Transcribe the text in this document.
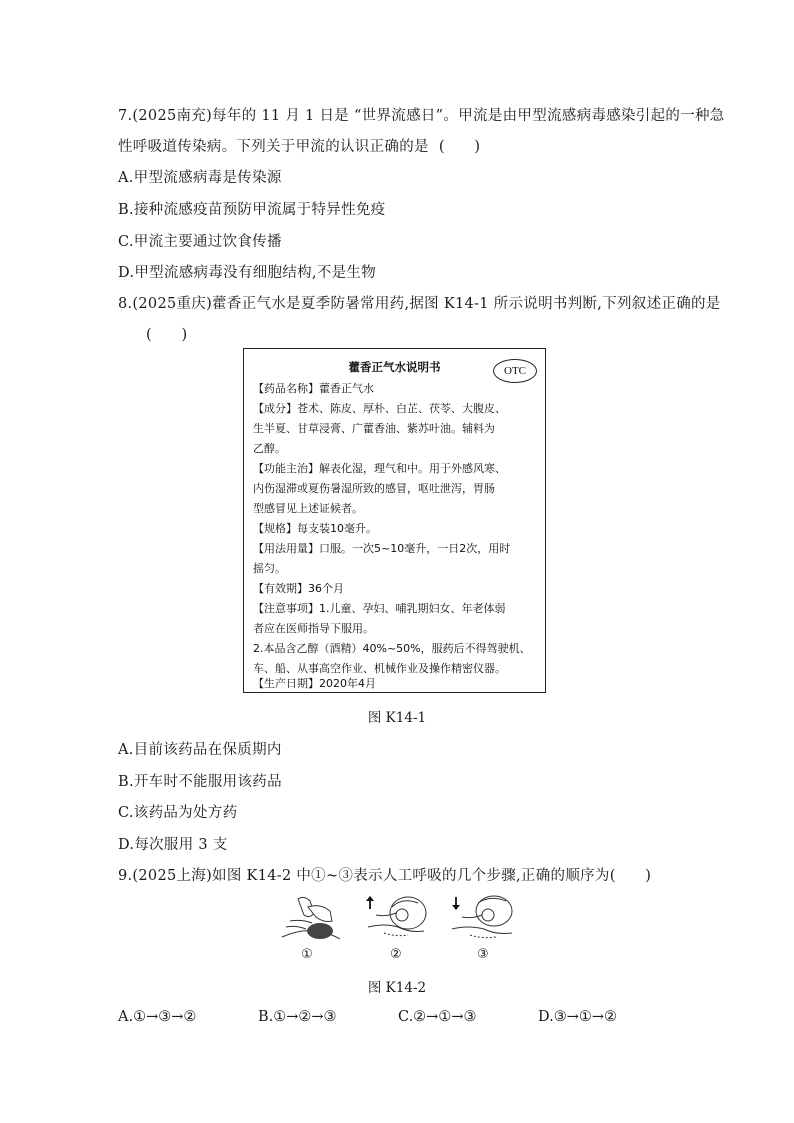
7.(2025南充)每年的 11 月 1 日是 “世界流感日”。甲流是由甲型流感病毒感染引起的一种急
性呼吸道传染病。下列关于甲流的认识正确的是 (　　)
A.甲型流感病毒是传染源
B.接种流感疫苗预防甲流属于特异性免疫
C.甲流主要通过饮食传播
D.甲型流感病毒没有细胞结构,不是生物
8.(2025重庆)藿香正气水是夏季防暑常用药,据图 K14-1 所示说明书判断,下列叙述正确的是
(　　)
藿香正气水说明书	OTC
【药品名称】藿香正气水
【成分】苍术、陈皮、厚朴、白芷、茯苓、大腹皮、
生半夏、甘草浸膏、广藿香油、紫苏叶油。辅料为
乙醇。
【功能主治】解表化湿，理气和中。用于外感风寒、
内伤湿滞或夏伤暑湿所致的感冒，呕吐泄泻，胃肠
型感冒见上述证候者。
【规格】每支装10毫升。
【用法用量】口服。一次5~10毫升，一日2次，用时
摇匀。
【有效期】36个月
【注意事项】1.儿童、孕妇、哺乳期妇女、年老体弱
者应在医师指导下服用。
2.本品含乙醇（酒精）40%~50%，服药后不得驾驶机、
车、船、从事高空作业、机械作业及操作精密仪器。
【生产日期】2020年4月
图 K14-1
A.目前该药品在保质期内
B.开车时不能服用该药品
C.该药品为处方药
D.每次服用 3 支
9.(2025上海)如图 K14-2 中①~③表示人工呼吸的几个步骤,正确的顺序为(　　)
①	②	③
图 K14-2
A.①→③→②	B.①→②→③	C.②→①→③	D.③→①→②
